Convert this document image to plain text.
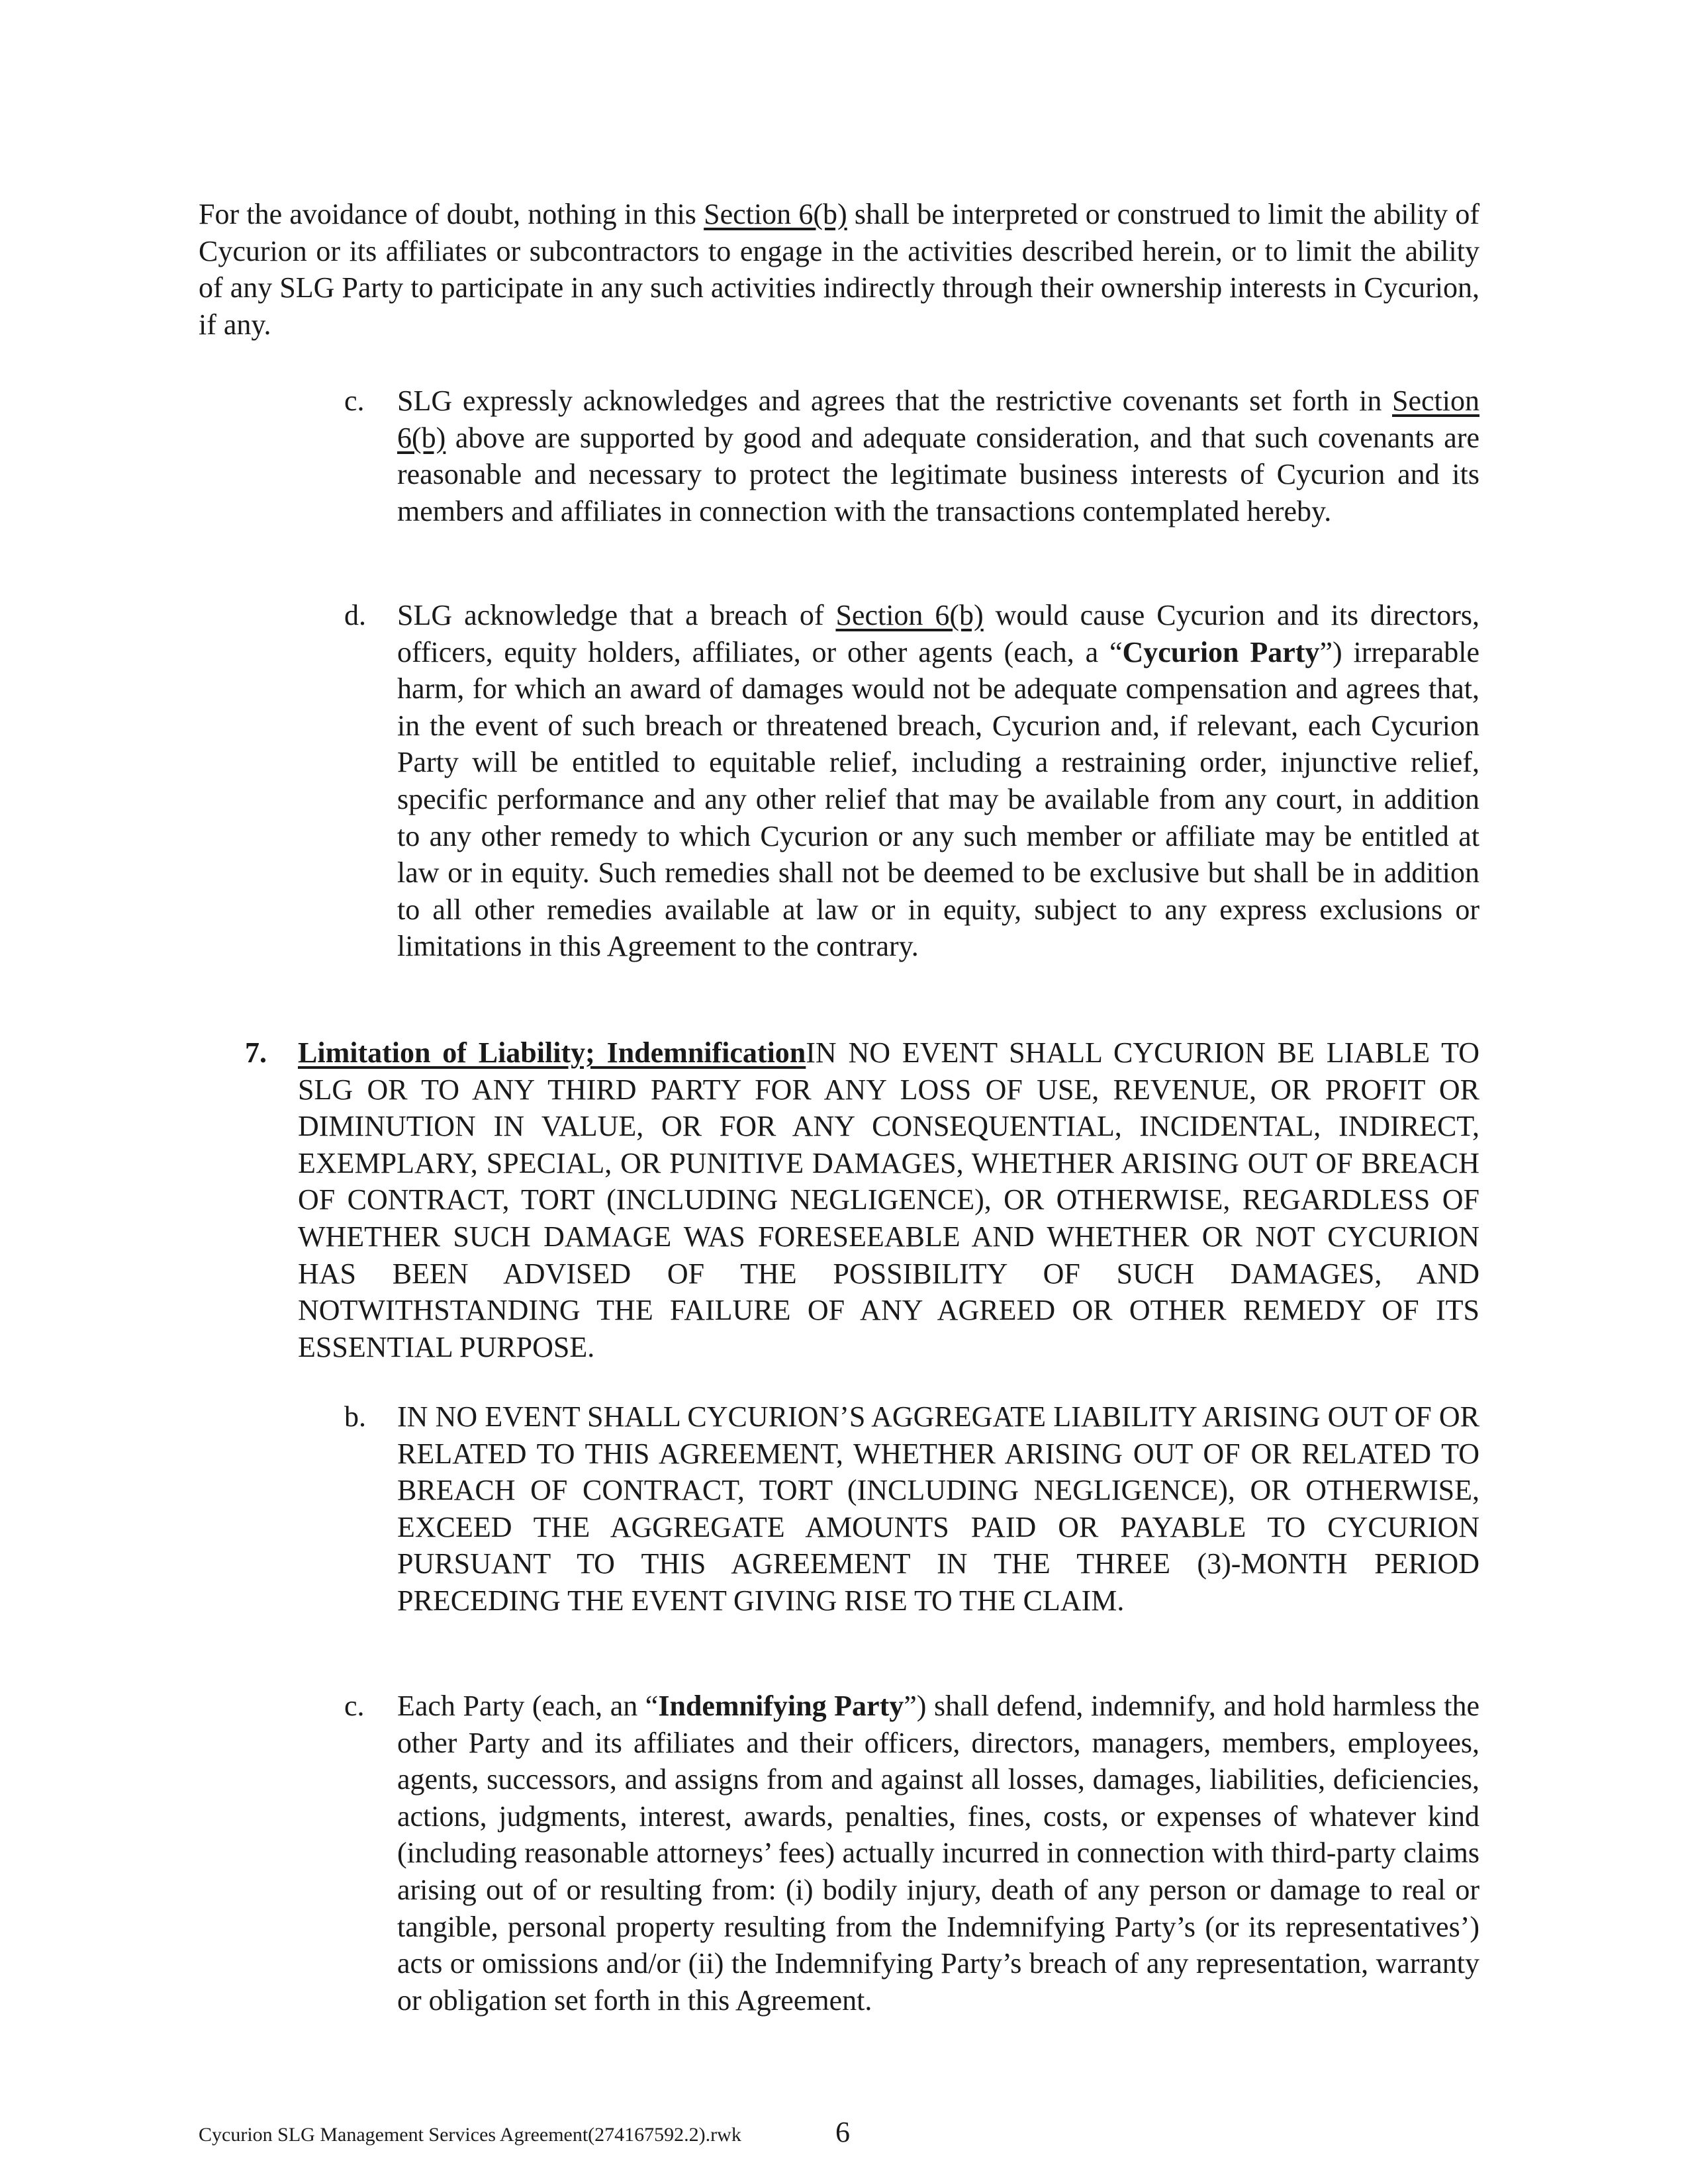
For the avoidance of doubt, nothing in this Section 6(b) shall be interpreted or construed to limit the ability of Cycurion or its affiliates or subcontractors to engage in the activities described herein, or to limit the ability of any SLG Party to participate in any such activities indirectly through their ownership interests in Cycurion, if any.

c. SLG expressly acknowledges and agrees that the restrictive covenants set forth in Section 6(b) above are supported by good and adequate consideration, and that such covenants are reasonable and necessary to protect the legitimate business interests of Cycurion and its members and affiliates in connection with the transactions contemplated hereby.

d. SLG acknowledge that a breach of Section 6(b) would cause Cycurion and its directors, officers, equity holders, affiliates, or other agents (each, a “Cycurion Party”) irreparable harm, for which an award of damages would not be adequate compensation and agrees that, in the event of such breach or threatened breach, Cycurion and, if relevant, each Cycurion Party will be entitled to equitable relief, including a restraining order, injunctive relief, specific performance and any other relief that may be available from any court, in addition to any other remedy to which Cycurion or any such member or affiliate may be entitled at law or in equity. Such remedies shall not be deemed to be exclusive but shall be in addition to all other remedies available at law or in equity, subject to any express exclusions or limitations in this Agreement to the contrary.

7. Limitation of Liability; IndemnificationIN NO EVENT SHALL CYCURION BE LIABLE TO SLG OR TO ANY THIRD PARTY FOR ANY LOSS OF USE, REVENUE, OR PROFIT OR DIMINUTION IN VALUE, OR FOR ANY CONSEQUENTIAL, INCIDENTAL, INDIRECT, EXEMPLARY, SPECIAL, OR PUNITIVE DAMAGES, WHETHER ARISING OUT OF BREACH OF CONTRACT, TORT (INCLUDING NEGLIGENCE), OR OTHERWISE, REGARDLESS OF WHETHER SUCH DAMAGE WAS FORESEEABLE AND WHETHER OR NOT CYCURION HAS BEEN ADVISED OF THE POSSIBILITY OF SUCH DAMAGES, AND NOTWITHSTANDING THE FAILURE OF ANY AGREED OR OTHER REMEDY OF ITS ESSENTIAL PURPOSE.

b. IN NO EVENT SHALL CYCURION’S AGGREGATE LIABILITY ARISING OUT OF OR RELATED TO THIS AGREEMENT, WHETHER ARISING OUT OF OR RELATED TO BREACH OF CONTRACT, TORT (INCLUDING NEGLIGENCE), OR OTHERWISE, EXCEED THE AGGREGATE AMOUNTS PAID OR PAYABLE TO CYCURION PURSUANT TO THIS AGREEMENT IN THE THREE (3)-MONTH PERIOD PRECEDING THE EVENT GIVING RISE TO THE CLAIM.

c. Each Party (each, an “Indemnifying Party”) shall defend, indemnify, and hold harmless the other Party and its affiliates and their officers, directors, managers, members, employees, agents, successors, and assigns from and against all losses, damages, liabilities, deficiencies, actions, judgments, interest, awards, penalties, fines, costs, or expenses of whatever kind (including reasonable attorneys’ fees) actually incurred in connection with third-party claims arising out of or resulting from: (i) bodily injury, death of any person or damage to real or tangible, personal property resulting from the Indemnifying Party’s (or its representatives’) acts or omissions and/or (ii) the Indemnifying Party’s breach of any representation, warranty or obligation set forth in this Agreement.

Cycurion SLG Management Services Agreement(274167592.2).rwk	6
